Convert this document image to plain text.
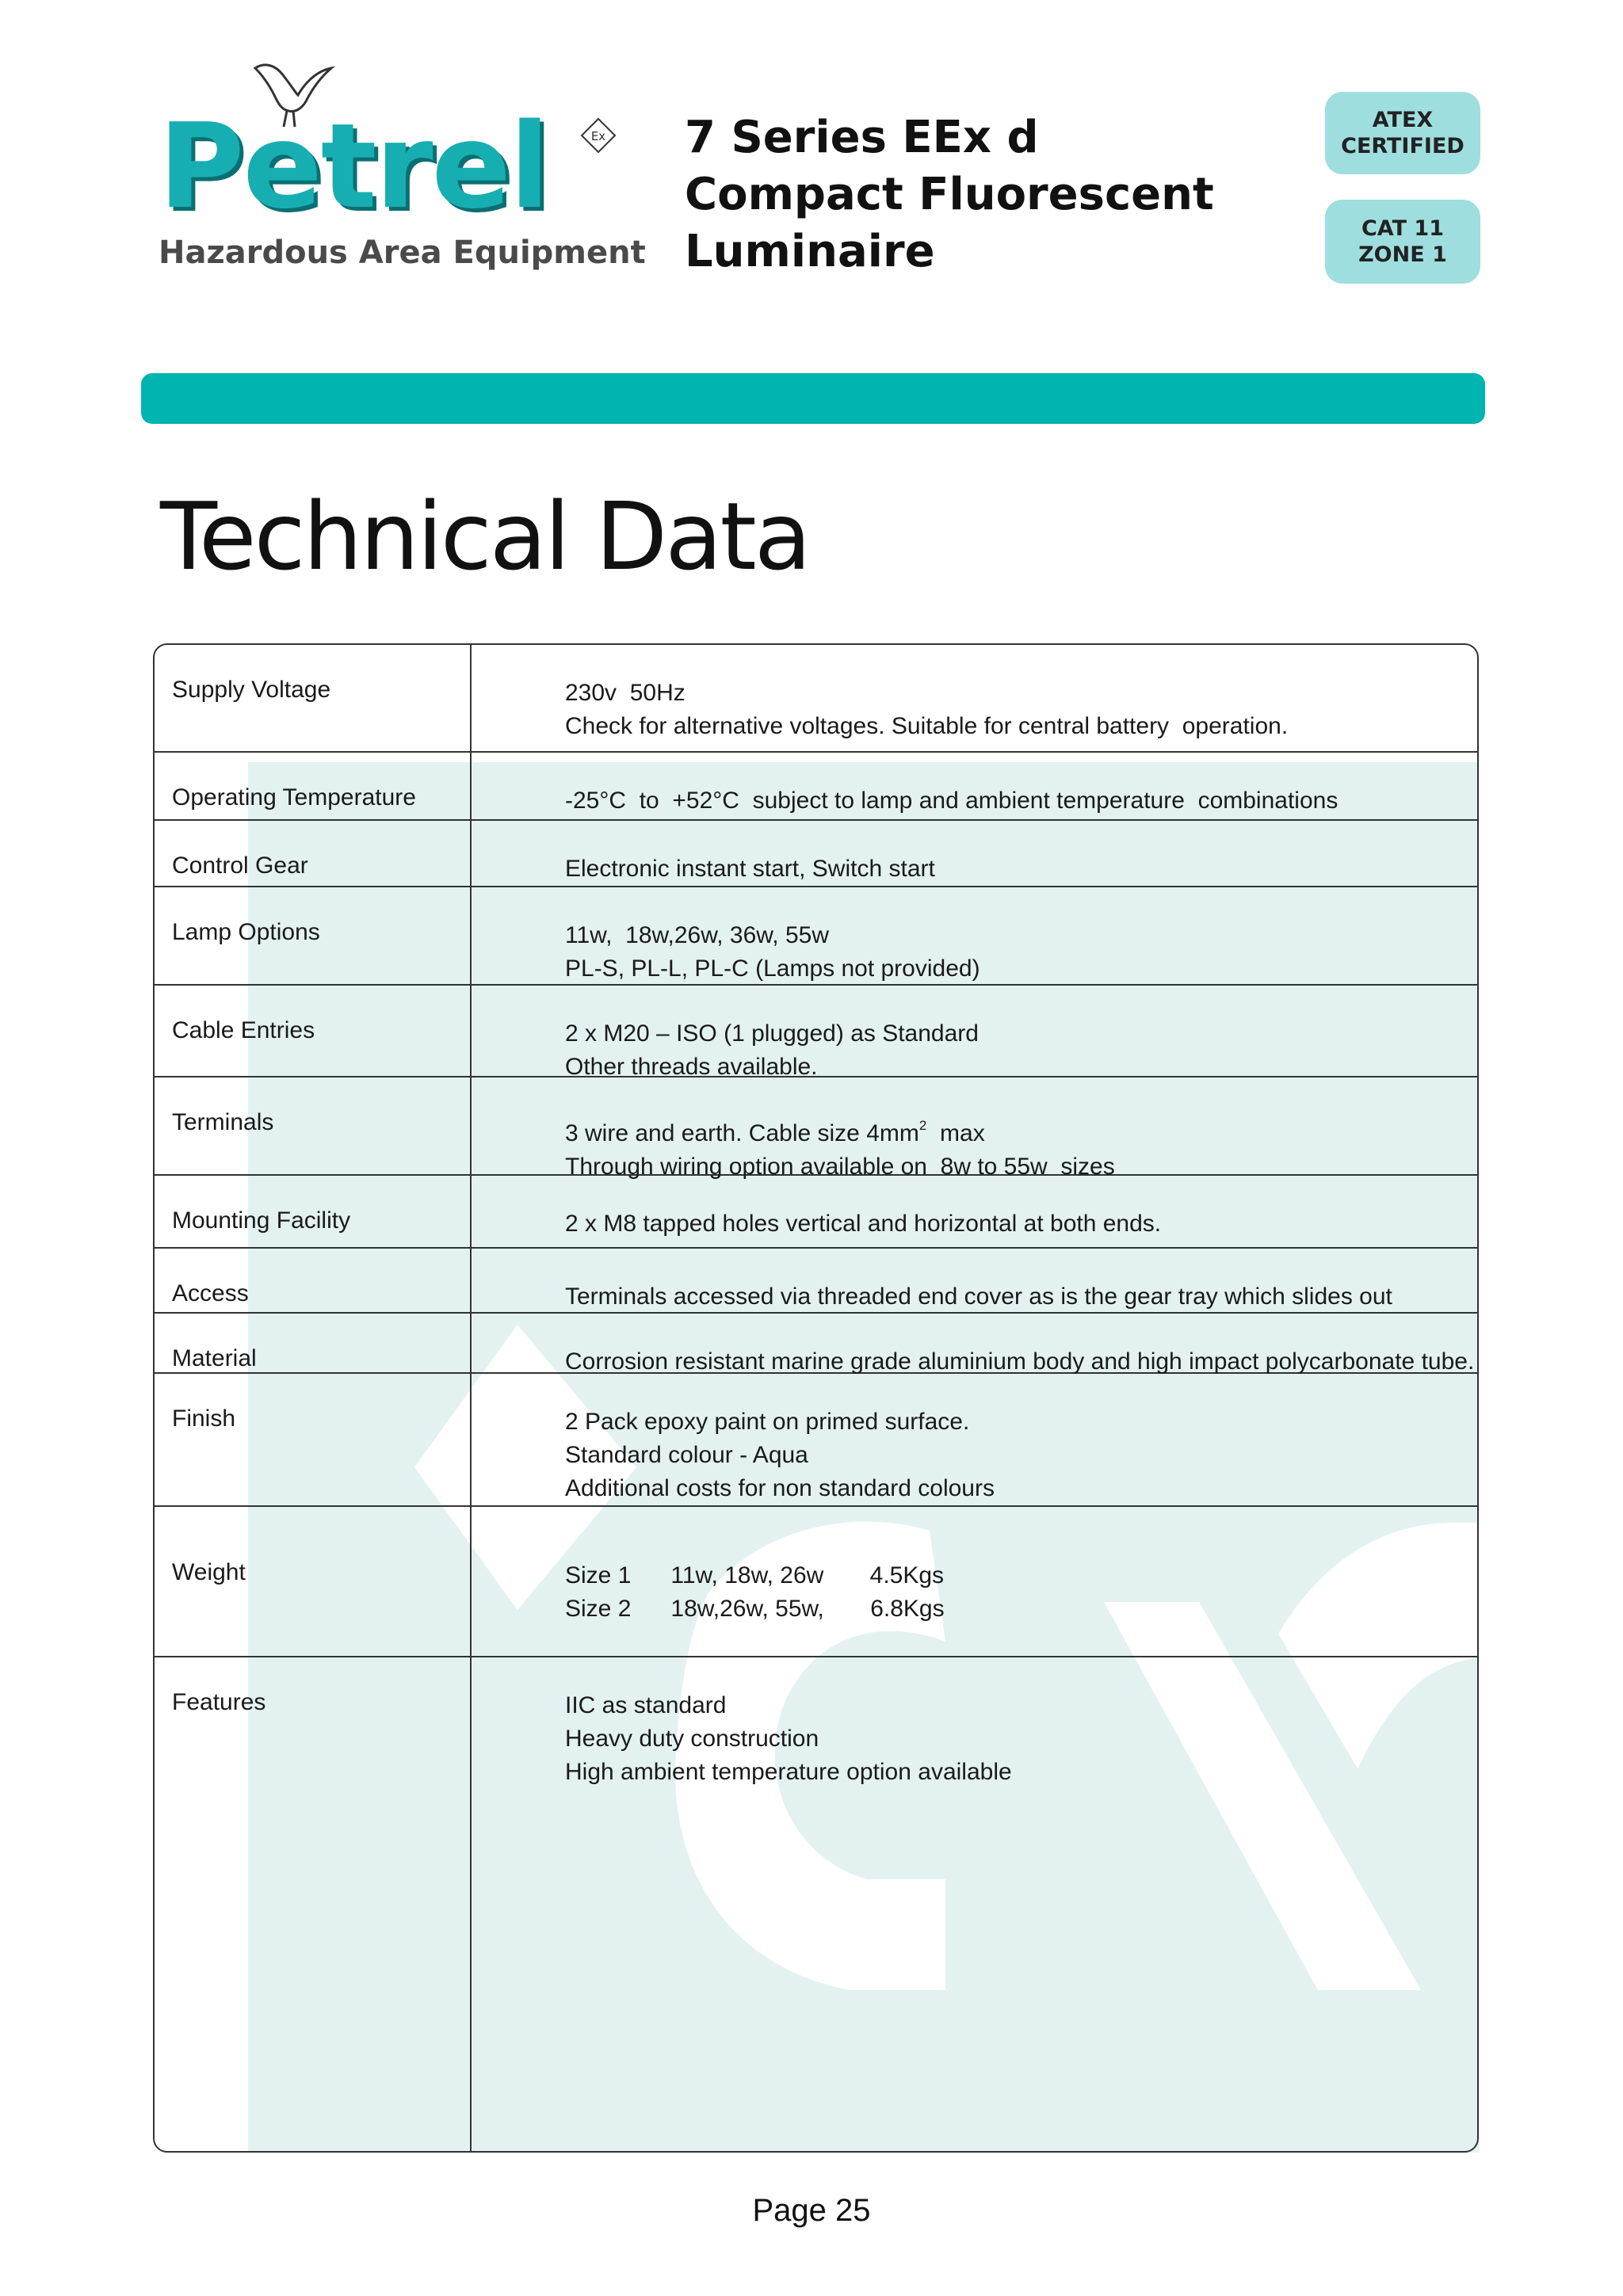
Petrel	Ex
Hazardous Area Equipment
7 Series EEx d
Compact Fluorescent
Luminaire
ATEX
CERTIFIED
CAT 11
ZONE 1
Technical Data
Supply Voltage	230v  50Hz
Check for alternative voltages. Suitable for central battery  operation.
Operating Temperature	-25°C  to  +52°C  subject to lamp and ambient temperature  combinations
Control Gear	Electronic instant start, Switch start
Lamp Options	11w,  18w,26w, 36w, 55w
PL-S, PL-L, PL-C (Lamps not provided)
Cable Entries	2 x M20 – ISO (1 plugged) as Standard
Other threads available.
Terminals	3 wire and earth. Cable size $4mm^2$  max
Through wiring option available on  8w to 55w  sizes
Mounting Facility	2 x M8 tapped holes vertical and horizontal at both ends.
Access	Terminals accessed via threaded end cover as is the gear tray which slides out
Material	Corrosion resistant marine grade aluminium body and high impact polycarbonate tube.
Finish	2 Pack epoxy paint on primed surface.
Standard colour - Aqua
Additional costs for non standard colours
Weight	Size 1      11w, 18w, 26w       4.5Kgs
Size 2      18w,26w, 55w,       6.8Kgs
Features	IIC as standard
Heavy duty construction
High ambient temperature option available
Page 25
